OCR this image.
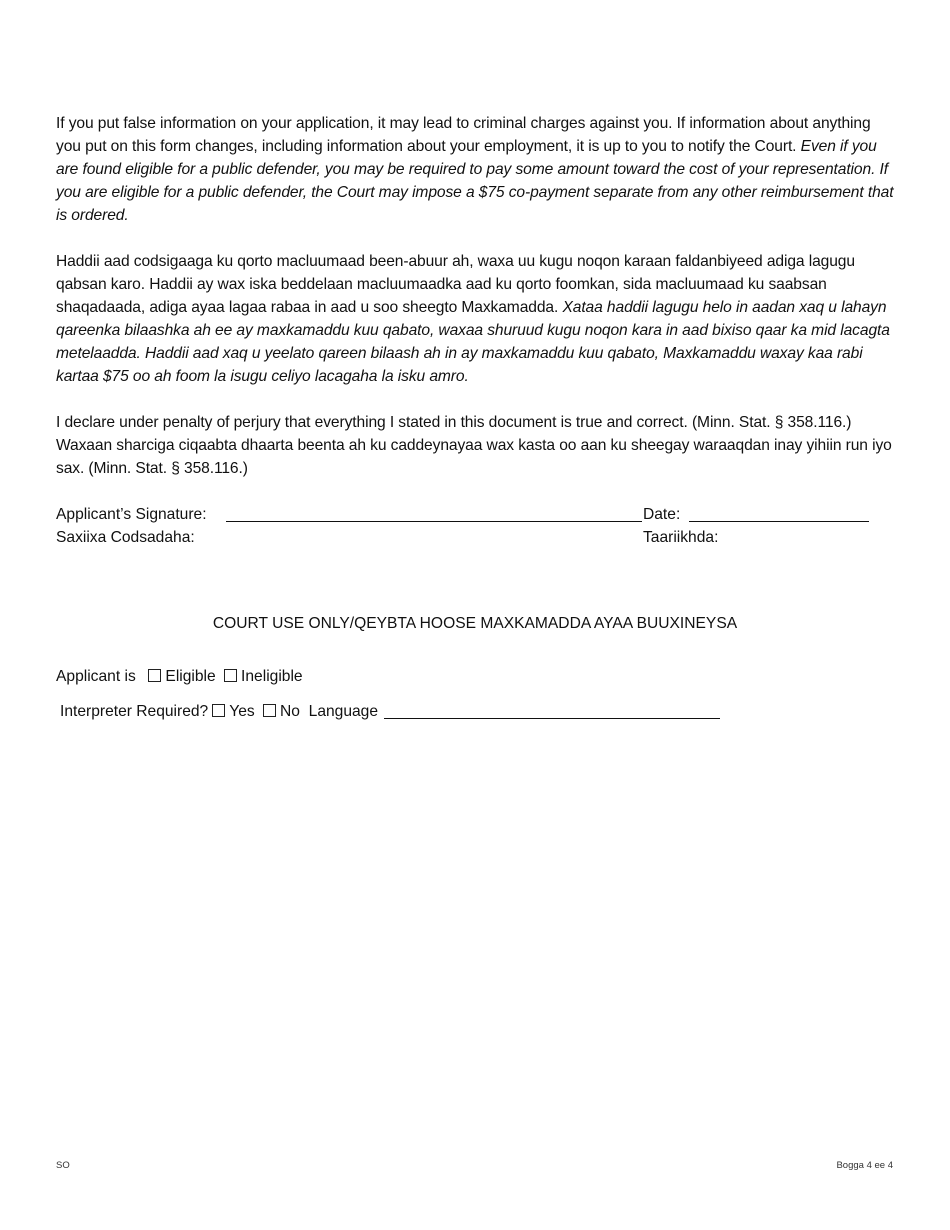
If you put false information on your application, it may lead to criminal charges against you. If information about anything you put on this form changes, including information about your employment, it is up to you to notify the Court. Even if you are found eligible for a public defender, you may be required to pay some amount toward the cost of your representation. If you are eligible for a public defender, the Court may impose a $75 co-payment separate from any other reimbursement that is ordered.

Haddii aad codsigaaga ku qorto macluumaad been-abuur ah, waxa uu kugu noqon karaan faldanbiyeed adiga lagugu qabsan karo. Haddii ay wax iska beddelaan macluumaadka aad ku qorto foomkan, sida macluumaad ku saabsan shaqadaada, adiga ayaa lagaa rabaa in aad u soo sheegto Maxkamadda. Xataa haddii lagugu helo in aadan xaq u lahayn qareenka bilaashka ah ee ay maxkamaddu kuu qabato, waxaa shuruud kugu noqon kara in aad bixiso qaar ka mid lacagta metelaadda. Haddii aad xaq u yeelato qareen bilaash ah in ay maxkamaddu kuu qabato, Maxkamaddu waxay kaa rabi kartaa $75 oo ah foom la isugu celiyo lacagaha la isku amro.

I declare under penalty of perjury that everything I stated in this document is true and correct. (Minn. Stat. § 358.116.)

Waxaan sharciga ciqaabta dhaarta beenta ah ku caddeynayaa wax kasta oo aan ku sheegay waraaqdan inay yihiin run iyo sax. (Minn. Stat. § 358.116.)

Applicant’s Signature:	Date:
Saxiixa Codsadaha:	Taariikhda:
COURT USE ONLY/QEYBTA HOOSE MAXKAMADDA AYAA BUUXINEYSA
Applicant is Eligible Ineligible
Interpreter Required? Yes No Language
SO	Bogga 4 ee 4
